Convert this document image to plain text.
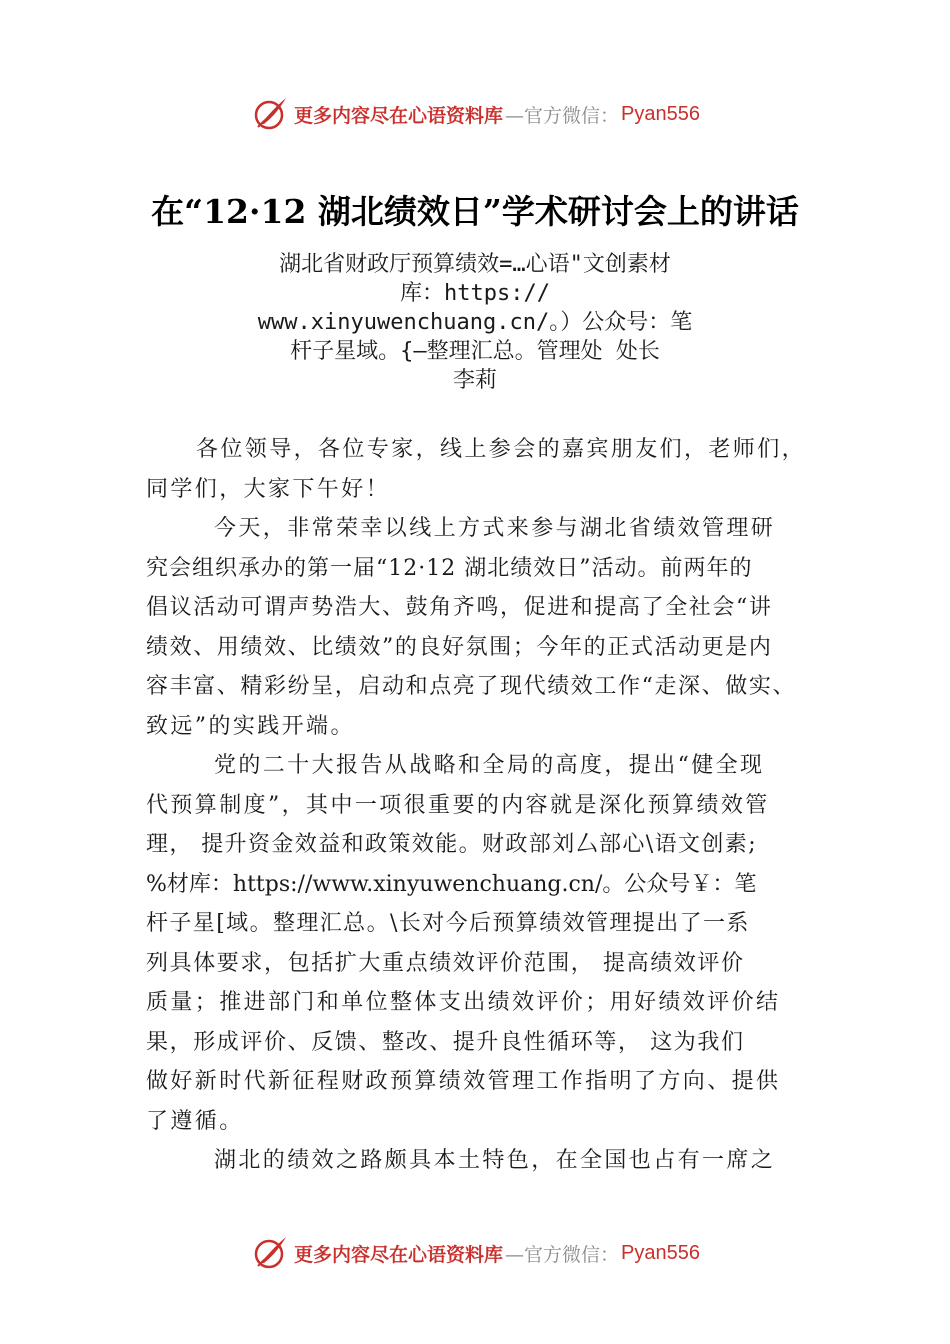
更多内容尽在心语资料库 —官方微信： Pyan556
在“12·12 湖北绩效日”学术研讨会上的讲话
湖北省财政厅预算绩效=…心语"文创素材
库：https://
www.xinyuwenchuang.cn/。）公众号：笔
杆子星域。{—整理汇总。管理处 处长
李莉

各位领导，各位专家，线上参会的嘉宾朋友们，老师们，

同学们，大家下午好！

今天，非常荣幸以线上方式来参与湖北省绩效管理研

究会组织承办的第一届“12·12 湖北绩效日”活动。前两年的

倡议活动可谓声势浩大、鼓角齐鸣，促进和提高了全社会“讲

绩效、用绩效、比绩效”的良好氛围；今年的正式活动更是内

容丰富、精彩纷呈，启动和点亮了现代绩效工作“走深、做实、

致远”的实践开端。

党的二十大报告从战略和全局的高度，提出“健全现

代预算制度”，其中一项很重要的内容就是深化预算绩效管

理， 提升资金效益和政策效能。财政部刘厶部心\语文创素;

%材库：https://www.xinyuwenchuang.cn/。公众号￥：笔

杆子星[域。整理汇总。\长对今后预算绩效管理提出了一系

列具体要求，包括扩大重点绩效评价范围， 提高绩效评价

质量；推进部门和单位整体支出绩效评价；用好绩效评价结

果，形成评价、反馈、整改、提升良性循环等， 这为我们

做好新时代新征程财政预算绩效管理工作指明了方向、提供

了遵循。

湖北的绩效之路颇具本土特色，在全国也占有一席之

更多内容尽在心语资料库 —官方微信： Pyan556
